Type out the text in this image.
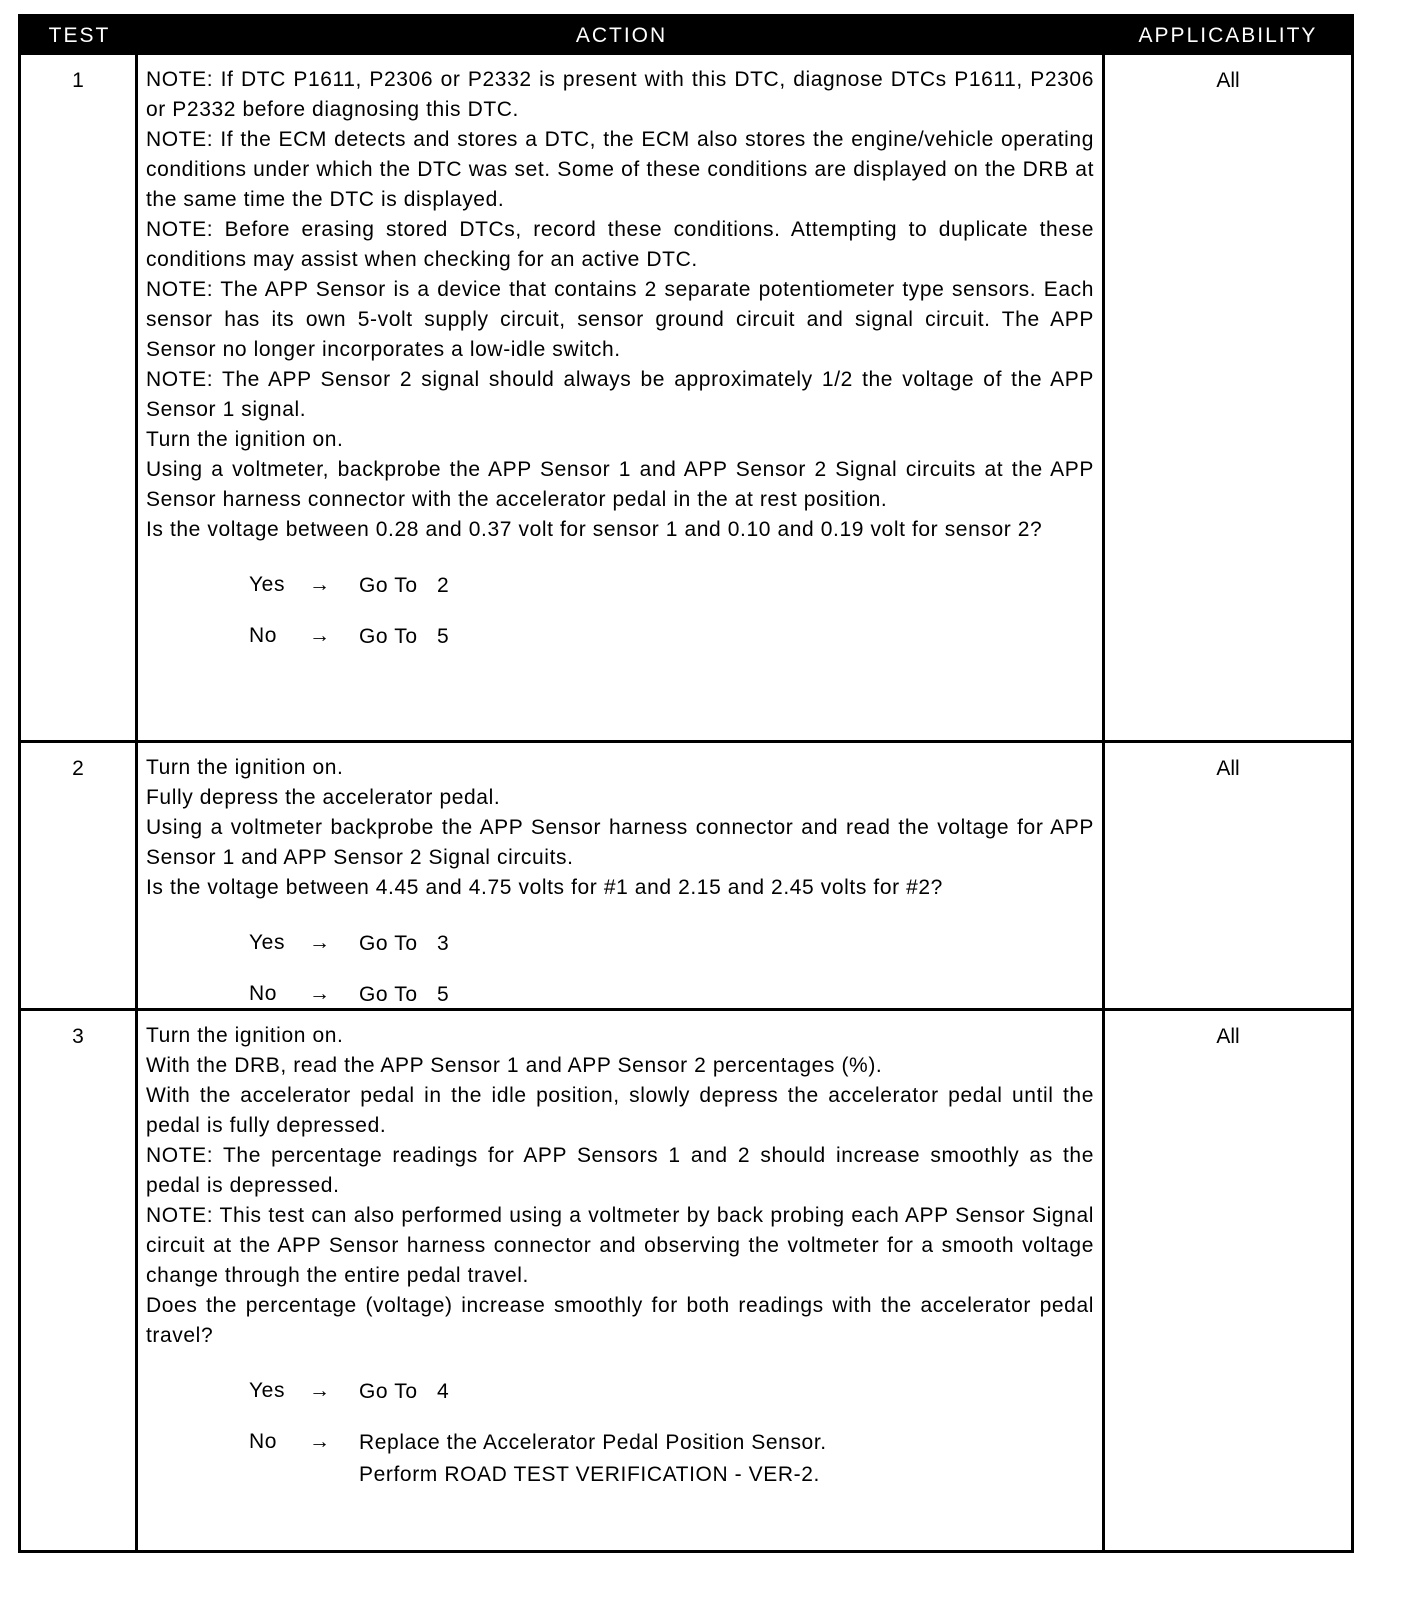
TEST	ACTION	APPLICABILITY
1	NOTE: If DTC P1611, P2306 or P2332 is present with this DTC, diagnose DTCs P1611, P2306 or P2332 before diagnosing this DTC.
NOTE: If the ECM detects and stores a DTC, the ECM also stores the engine/vehicle operating conditions under which the DTC was set. Some of these conditions are displayed on the DRB at the same time the DTC is displayed.
NOTE: Before erasing stored DTCs, record these conditions. Attempting to duplicate these conditions may assist when checking for an active DTC.
NOTE: The APP Sensor is a device that contains 2 separate potentiometer type sensors. Each sensor has its own 5-volt supply circuit, sensor ground circuit and signal circuit. The APP Sensor no longer incorporates a low-idle switch.
NOTE: The APP Sensor 2 signal should always be approximately 1/2 the voltage of the APP Sensor 1 signal.
Turn the ignition on.
Using a voltmeter, backprobe the APP Sensor 1 and APP Sensor 2 Signal circuits at the APP Sensor harness connector with the accelerator pedal in the at rest position.
Is the voltage between 0.28 and 0.37 volt for sensor 1 and 0.10 and 0.19 volt for sensor 2?
Yes	→	Go To   2
No	→	Go To   5
All
2	Turn the ignition on.
Fully depress the accelerator pedal.
Using a voltmeter backprobe the APP Sensor harness connector and read the voltage for APP Sensor 1 and APP Sensor 2 Signal circuits.
Is the voltage between 4.45 and 4.75 volts for #1 and 2.15 and 2.45 volts for #2?
Yes	→	Go To   3
No	→	Go To   5
All
3	Turn the ignition on.
With the DRB, read the APP Sensor 1 and APP Sensor 2 percentages (%).
With the accelerator pedal in the idle position, slowly depress the accelerator pedal until the pedal is fully depressed.
NOTE: The percentage readings for APP Sensors 1 and 2 should increase smoothly as the pedal is depressed.
NOTE: This test can also performed using a voltmeter by back probing each APP Sensor Signal circuit at the APP Sensor harness connector and observing the voltmeter for a smooth voltage change through the entire pedal travel.
Does the percentage (voltage) increase smoothly for both readings with the accelerator pedal travel?
Yes	→	Go To   4
No	→	Replace the Accelerator Pedal Position Sensor.
Perform ROAD TEST VERIFICATION - VER-2.
All
